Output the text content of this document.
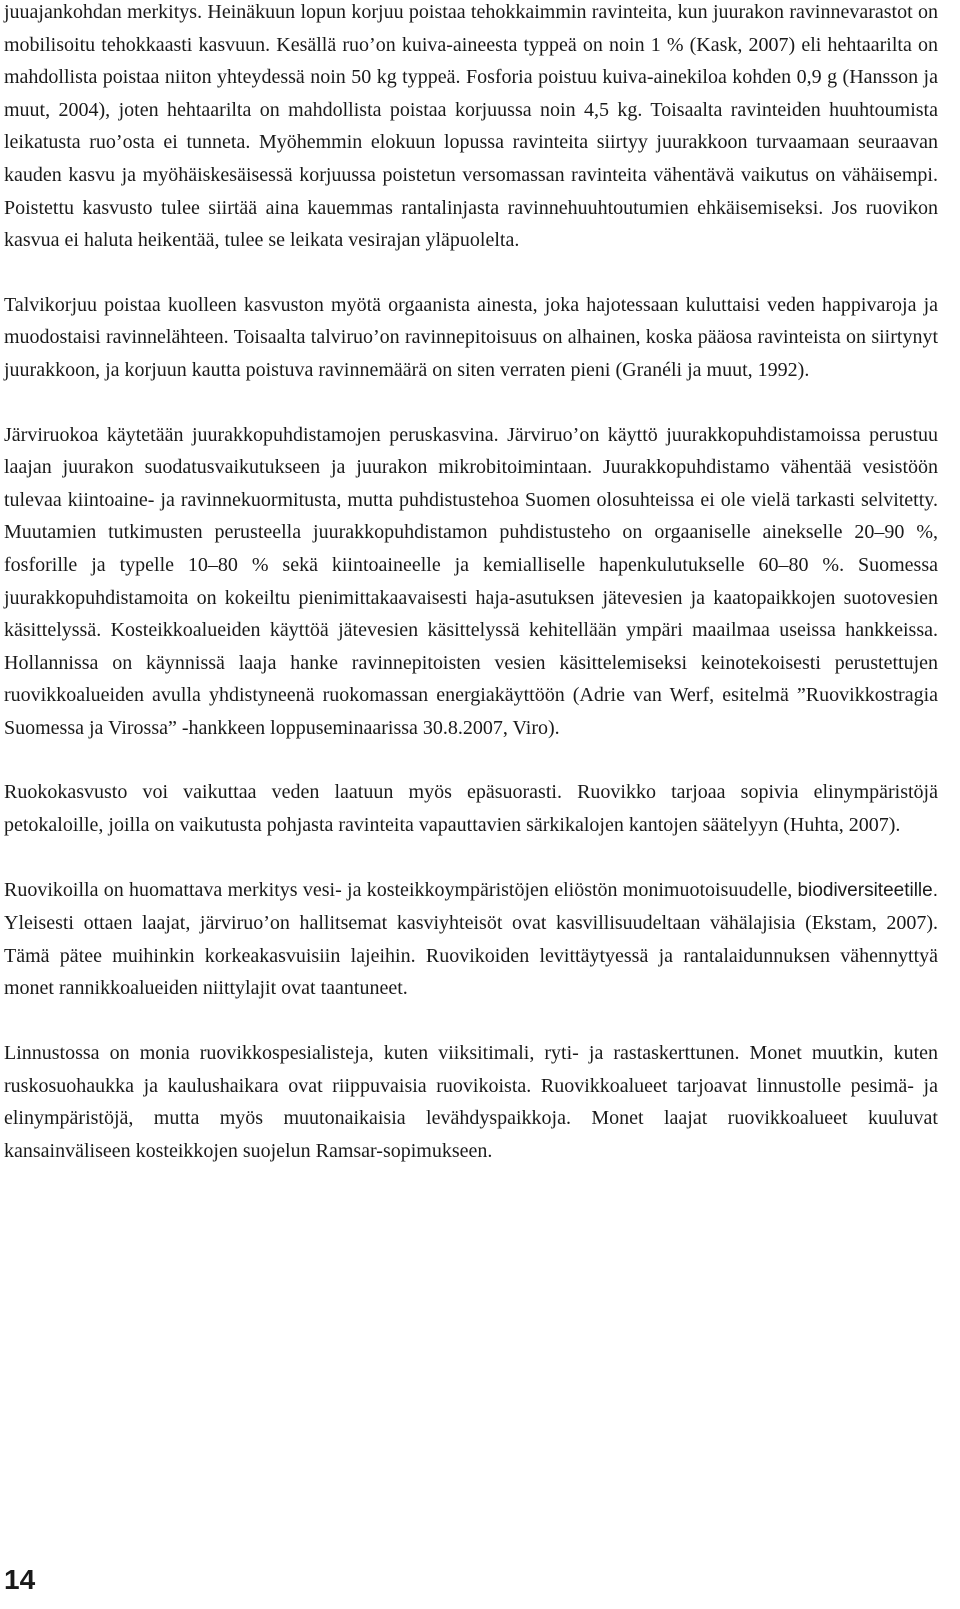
juuajankohdan merkitys. Heinäkuun lopun korjuu poistaa tehokkaimmin ravinteita, kun juurakon ravinnevarastot on mobilisoitu tehokkaasti kasvuun. Kesällä ruo’on kuiva-aineesta typpeä on noin 1 % (Kask, 2007) eli hehtaarilta on mahdollista poistaa niiton yhteydessä noin 50 kg typpeä. Fosforia poistuu kuiva-ainekiloa kohden 0,9 g (Hansson ja muut, 2004), joten hehtaarilta on mahdollista poistaa korjuussa noin 4,5 kg. Toisaalta ravinteiden huuhtoumista leikatusta ruo’osta ei tunneta. Myöhemmin elokuun lopussa ravinteita siirtyy juurakkoon turvaamaan seuraavan kauden kasvu ja myöhäiskesäisessä korjuussa poistetun versomassan ravinteita vähentävä vaikutus on vähäisempi. Poistettu kasvusto tulee siirtää aina kauemmas rantalinjasta ravinnehuuhtoutumien ehkäisemiseksi. Jos ruovikon kasvua ei haluta heikentää, tulee se leikata vesirajan yläpuolelta.

Talvikorjuu poistaa kuolleen kasvuston myötä orgaanista ainesta, joka hajotessaan kuluttaisi veden happivaroja ja muodostaisi ravinnelähteen. Toisaalta talviruo’on ravinnepitoisuus on alhainen, koska pääosa ravinteista on siirtynyt juurakkoon, ja korjuun kautta poistuva ravinnemäärä on siten verraten pieni (Granéli ja muut, 1992).

Järviruokoa käytetään juurakkopuhdistamojen peruskasvina. Järviruo’on käyttö juurakkopuhdistamoissa perustuu laajan juurakon suodatusvaikutukseen ja juurakon mikrobitoimintaan. Juurakkopuhdistamo vähentää vesistöön tulevaa kiintoaine- ja ravinnekuormitusta, mutta puhdistustehoa Suomen olosuhteissa ei ole vielä tarkasti selvitetty. Muutamien tutkimusten perusteella juurakkopuhdistamon puhdistusteho on orgaaniselle ainekselle 20–90 %, fosforille ja typelle 10–80 % sekä kiintoaineelle ja kemialliselle hapenkulutukselle 60–80 %. Suomessa juurakkopuhdistamoita on kokeiltu pienimittakaavaisesti haja-asutuksen jätevesien ja kaatopaikkojen suotovesien käsittelyssä. Kosteikkoalueiden käyttöä jätevesien käsittelyssä kehitellään ympäri maailmaa useissa hankkeissa. Hollannissa on käynnissä laaja hanke ravinnepitoisten vesien käsittelemiseksi keinotekoisesti perustettujen ruovikkoalueiden avulla yhdistyneenä ruokomassan energiakäyttöön (Adrie van Werf, esitelmä ”Ruovikkostragia Suomessa ja Virossa” -hankkeen loppuseminaarissa 30.8.2007, Viro).

Ruokokasvusto voi vaikuttaa veden laatuun myös epäsuorasti. Ruovikko tarjoaa sopivia elinympäristöjä petokaloille, joilla on vaikutusta pohjasta ravinteita vapauttavien särkikalojen kantojen säätelyyn (Huhta, 2007).

Ruovikoilla on huomattava merkitys vesi- ja kosteikkoympäristöjen eliöstön monimuotoisuudelle, biodiversiteetille. Yleisesti ottaen laajat, järviruo’on hallitsemat kasviyhteisöt ovat kasvillisuudeltaan vähälajisia (Ekstam, 2007). Tämä pätee muihinkin korkeakasvuisiin lajeihin. Ruovikoiden levittäytyessä ja rantalaidunnuksen vähennyttyä monet rannikkoalueiden niittylajit ovat taantuneet.

Linnustossa on monia ruovikkospesialisteja, kuten viiksitimali, ryti- ja rastaskerttunen. Monet muutkin, kuten ruskosuohaukka ja kaulushaikara ovat riippuvaisia ruovikoista. Ruovikkoalueet tarjoavat linnustolle pesimä- ja elinympäristöjä, mutta myös muutonaikaisia levähdyspaikkoja. Monet laajat ruovikkoalueet kuuluvat kansainväliseen kosteikkojen suojelun Ramsar-sopimukseen.

14
